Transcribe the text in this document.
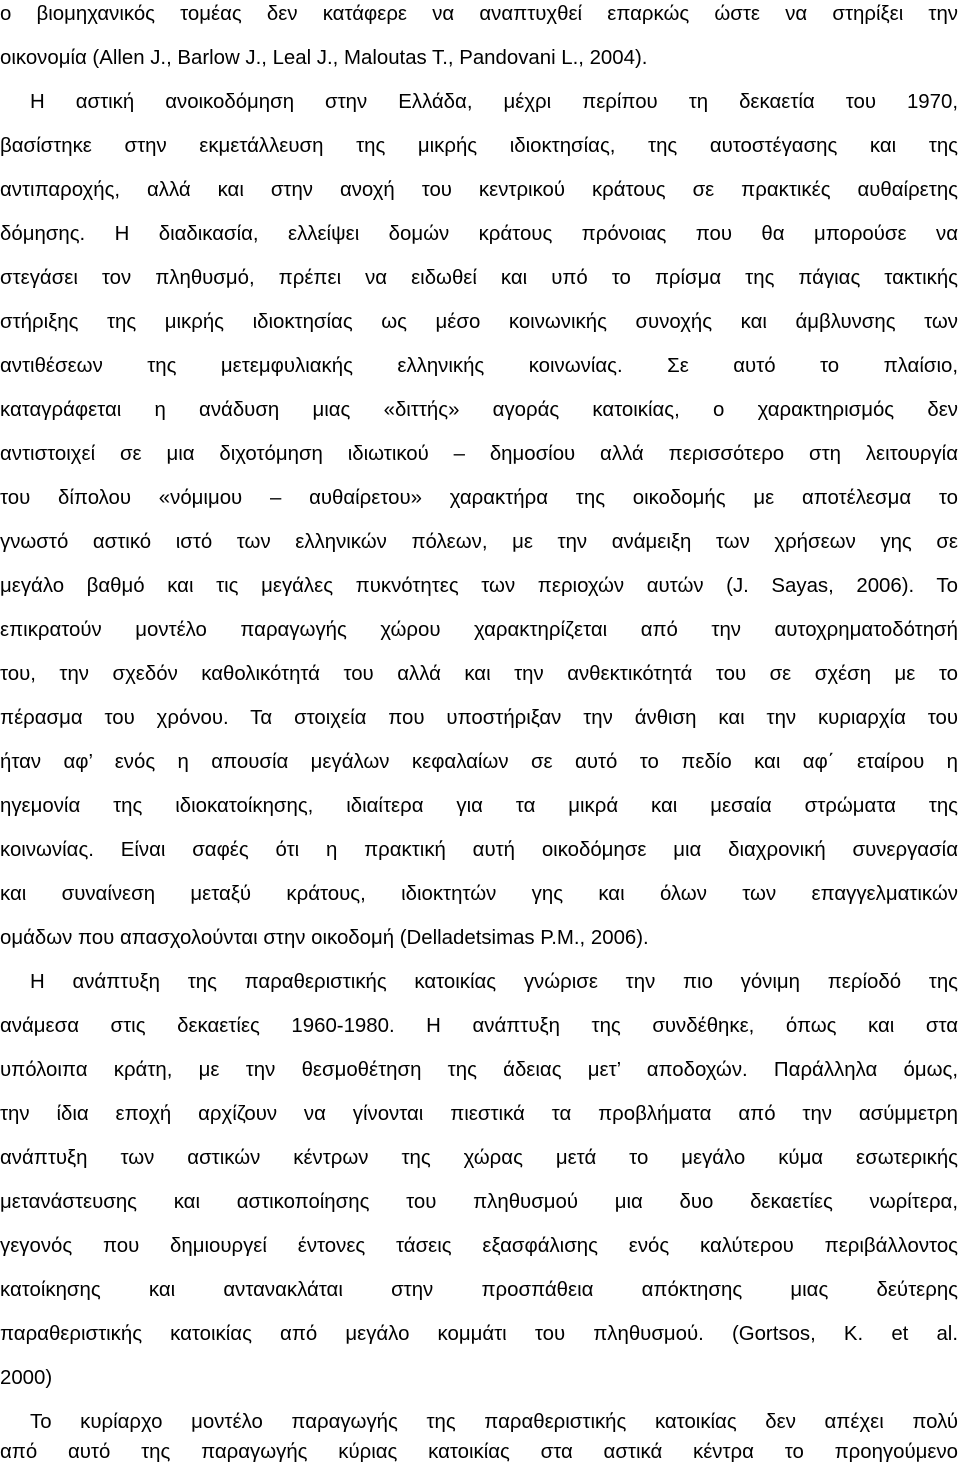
ο βιομηχανικός τομέας δεν κατάφερε να αναπτυχθεί επαρκώς ώστε να στηρίξει την
οικονομία (Allen J., Barlow J., Leal J., Maloutas T., Pandovani L., 2004).
Η αστική ανοικοδόμηση στην Ελλάδα, μέχρι περίπου τη δεκαετία του 1970,
βασίστηκε στην εκμετάλλευση της μικρής ιδιοκτησίας, της αυτοστέγασης και της
αντιπαροχής, αλλά και στην ανοχή του κεντρικού κράτους σε πρακτικές αυθαίρετης
δόμησης. Η διαδικασία, ελλείψει δομών κράτους πρόνοιας που θα μπορούσε να
στεγάσει τον πληθυσμό, πρέπει να ειδωθεί και υπό το πρίσμα της πάγιας τακτικής
στήριξης της μικρής ιδιοκτησίας ως μέσο κοινωνικής συνοχής και άμβλυνσης των
αντιθέσεων της μετεμφυλιακής ελληνικής κοινωνίας. Σε αυτό το πλαίσιο,
καταγράφεται η ανάδυση μιας «διττής» αγοράς κατοικίας, ο χαρακτηρισμός δεν
αντιστοιχεί σε μια διχοτόμηση ιδιωτικού – δημοσίου αλλά περισσότερο στη λειτουργία
του δίπολου «νόμιμου – αυθαίρετου» χαρακτήρα της οικοδομής με αποτέλεσμα το
γνωστό αστικό ιστό των ελληνικών πόλεων, με την ανάμειξη των χρήσεων γης σε
μεγάλο βαθμό και τις μεγάλες πυκνότητες των περιοχών αυτών (J. Sayas, 2006). Το
επικρατούν μοντέλο παραγωγής χώρου χαρακτηρίζεται από την αυτοχρηματοδότησή
του, την σχεδόν καθολικότητά του αλλά και την ανθεκτικότητά του σε σχέση με το
πέρασμα του χρόνου. Τα στοιχεία που υποστήριξαν την άνθιση και την κυριαρχία του
ήταν αφ’ ενός η απουσία μεγάλων κεφαλαίων σε αυτό το πεδίο και αφ΄ εταίρου η
ηγεμονία της ιδιοκατοίκησης, ιδιαίτερα για τα μικρά και μεσαία στρώματα της
κοινωνίας. Είναι σαφές ότι η πρακτική αυτή οικοδόμησε μια διαχρονική συνεργασία
και συναίνεση μεταξύ κράτους, ιδιοκτητών γης και όλων των επαγγελματικών
ομάδων που απασχολούνται στην οικοδομή (Delladetsimas P.M., 2006).
Η ανάπτυξη της παραθεριστικής κατοικίας γνώρισε την πιο γόνιμη περίοδό της
ανάμεσα στις δεκαετίες 1960-1980. Η ανάπτυξη της συνδέθηκε, όπως και στα
υπόλοιπα κράτη, με την θεσμοθέτηση της άδειας μετ’ αποδοχών. Παράλληλα όμως,
την ίδια εποχή αρχίζουν να γίνονται πιεστικά τα προβλήματα από την ασύμμετρη
ανάπτυξη των αστικών κέντρων της χώρας μετά το μεγάλο κύμα εσωτερικής
μετανάστευσης και αστικοποίησης του πληθυσμού μια δυο δεκαετίες νωρίτερα,
γεγονός που δημιουργεί έντονες τάσεις εξασφάλισης ενός καλύτερου περιβάλλοντος
κατοίκησης και αντανακλάται στην προσπάθεια απόκτησης μιας δεύτερης
παραθεριστικής κατοικίας από μεγάλο κομμάτι του πληθυσμού. (Gortsos, K. et al.
2000)
Το κυρίαρχο μοντέλο παραγωγής της παραθεριστικής κατοικίας δεν απέχει πολύ
από αυτό της παραγωγής κύριας κατοικίας στα αστικά κέντρα το προηγούμενο
